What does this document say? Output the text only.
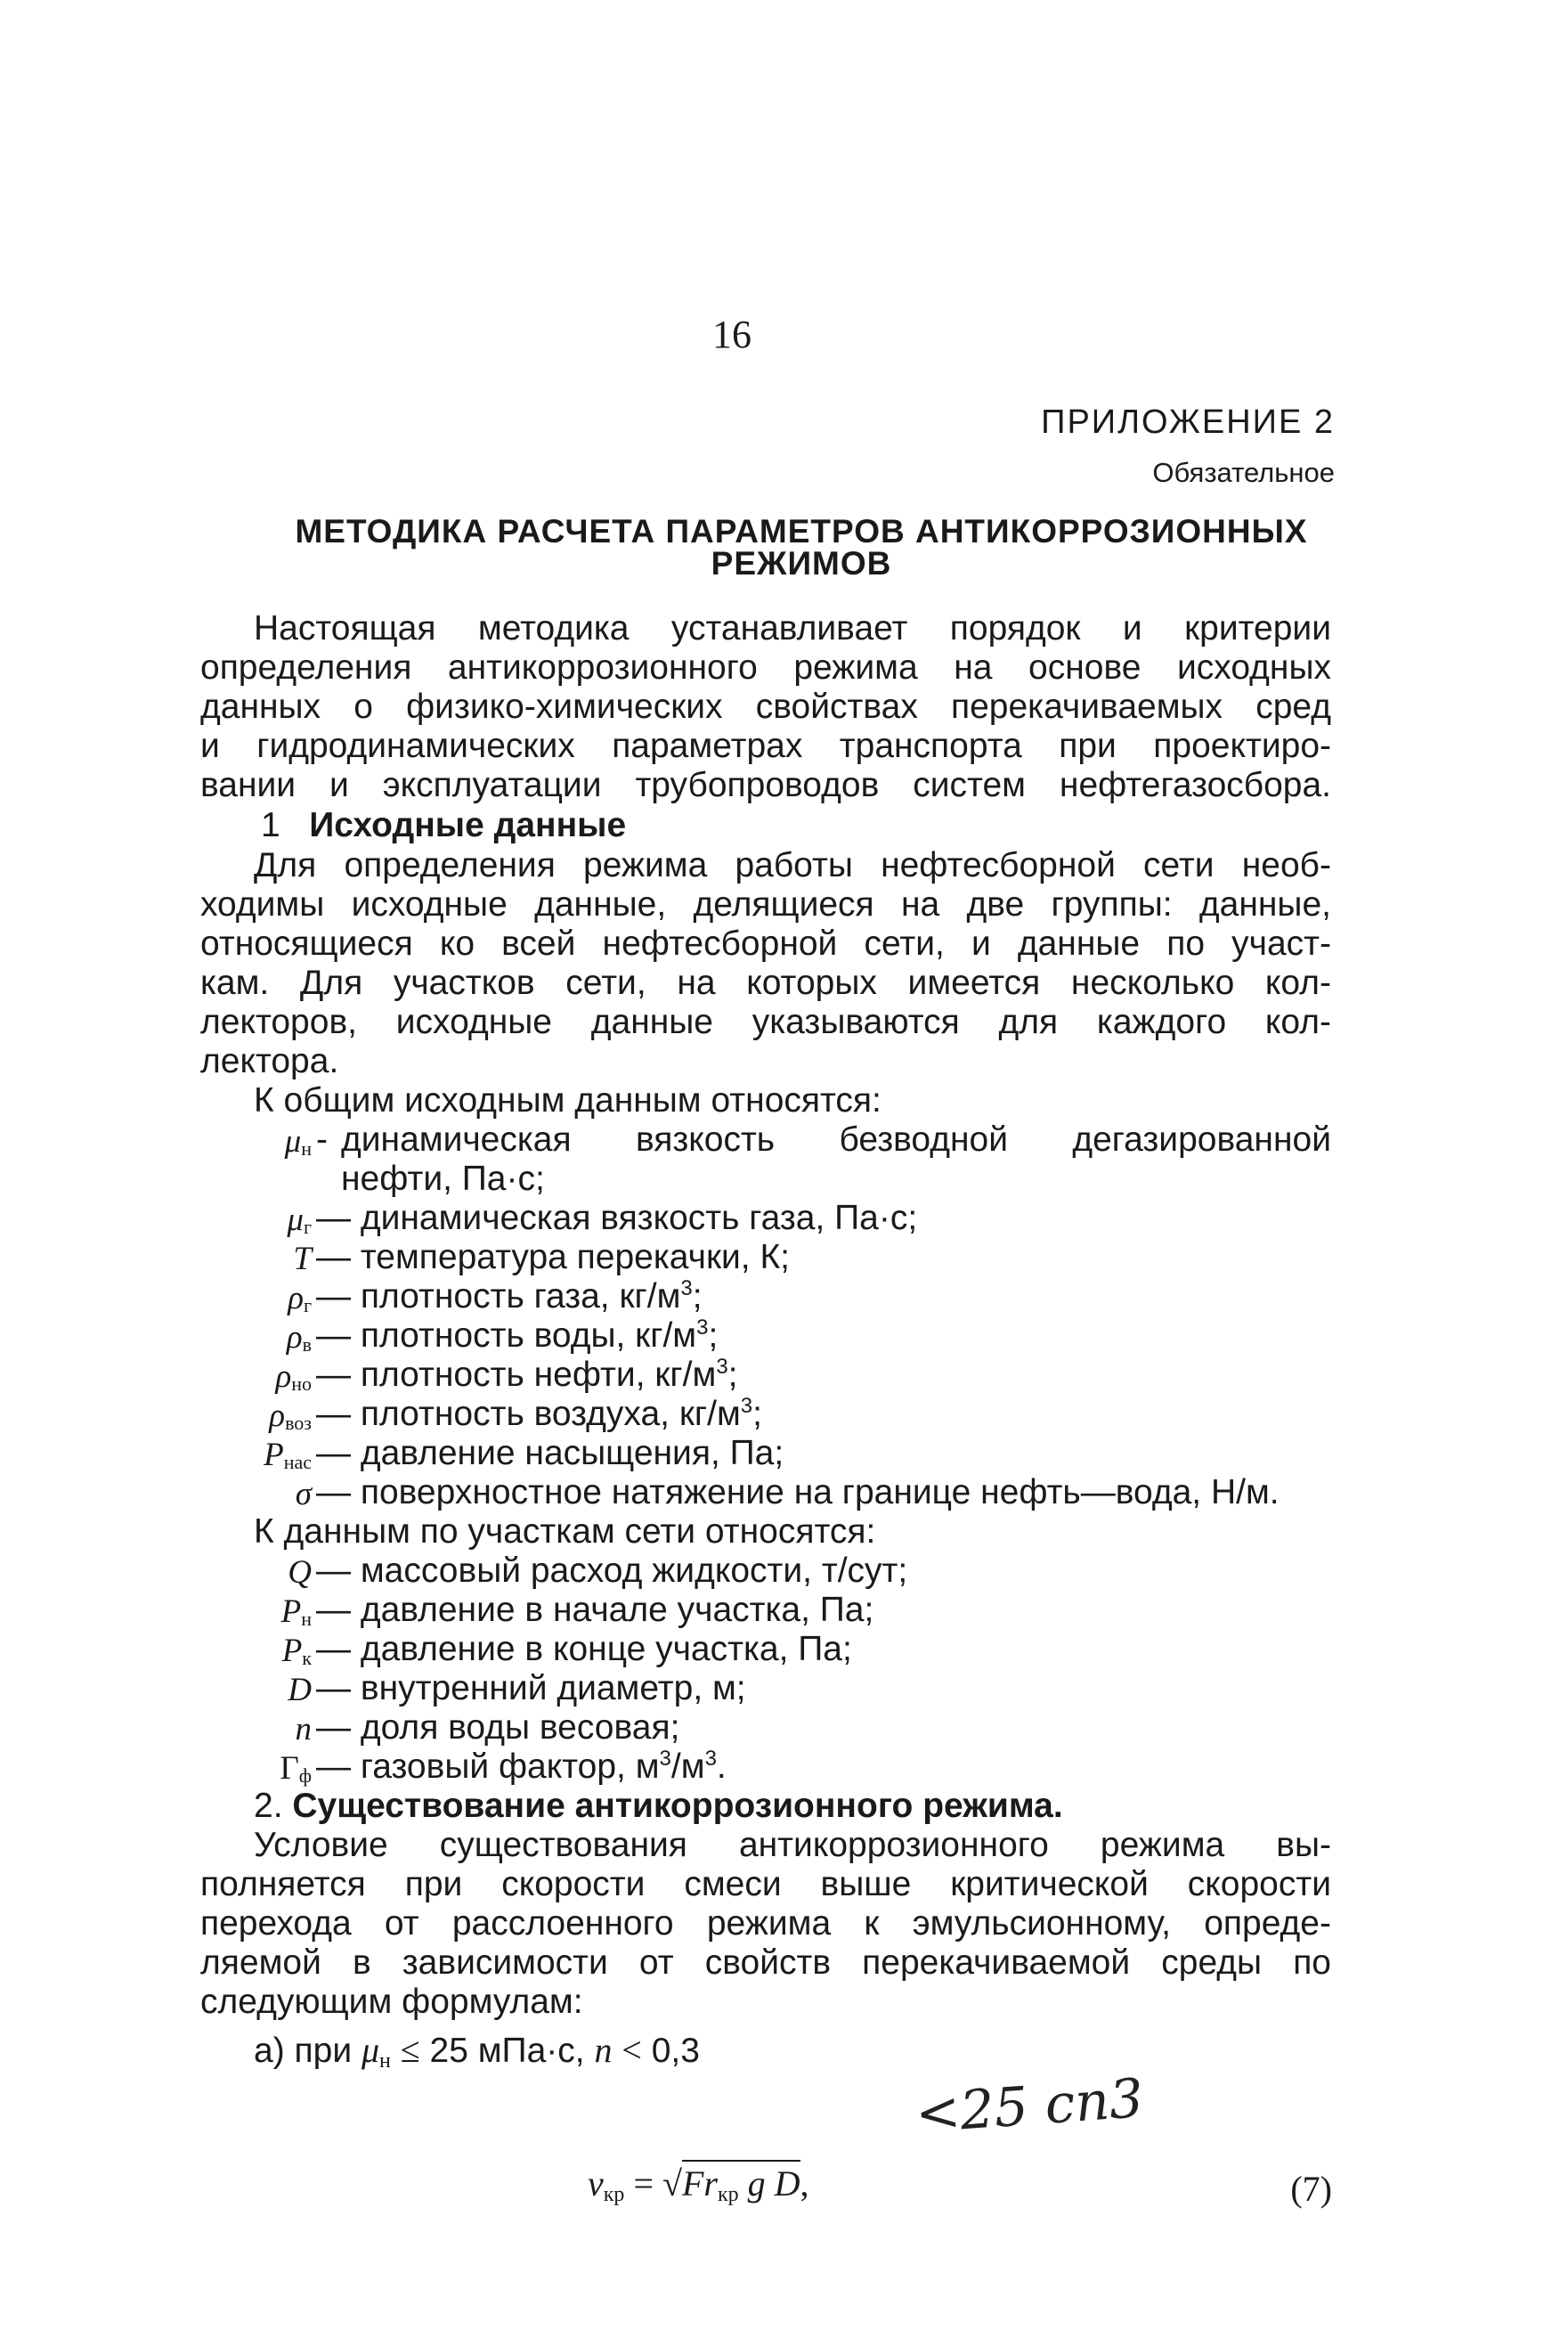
16
ПРИЛОЖЕНИЕ 2
Обязательное
МЕТОДИКА РАСЧЕТА ПАРАМЕТРОВ АНТИКОРРОЗИОННЫХ
РЕЖИМОВ
Настоящая методика устанавливает порядок и критерии
определения антикоррозионного режима на основе исходных
данных о физико-химических свойствах перекачиваемых сред
и гидродинамических параметрах транспорта при проектиро-
вании и эксплуатации трубопроводов систем нефтегазосбора.
1 Исходные данные
Для определения режима работы нефтесборной сети необ-
ходимы исходные данные, делящиеся на две группы: данные,
относящиеся ко всей нефтесборной сети, и данные по участ-
кам. Для участков сети, на которых имеется несколько кол-
лекторов, исходные данные указываются для каждого кол-
лектора.
К общим исходным данным относятся:
$\mu_н$ - динамическая вязкость безводной дегазированной
нефти, Па·с;
$\mu_г$ — динамическая вязкость газа, Па·с;
T — температура перекачки, К;
$\rho_г$ — плотность газа, $кг/м^3$;
$\rho_в$ — плотность воды, $кг/м^3$;
$\rho_{нo}$ — плотность нефти, $кг/м^3$;
$\rho_{воз}$ — плотность воздуха, $кг/м^3$;
$P_{нас}$ — давление насыщения, Па;
σ — поверхностное натяжение на границе нефть—вода, Н/м.
К данным по участкам сети относятся:
Q — массовый расход жидкости, т/сут;
$P_н$ — давление в начале участка, Па;
$P_к$ — давление в конце участка, Па;
D — внутренний диаметр, м;
n — доля воды весовая;
$Г_ф$ — газовый фактор, $м^3/м^3$.
2. Существование антикоррозионного режима.
Условие существования антикоррозионного режима вы-
полняется при скорости смеси выше критической скорости
перехода от расслоенного режима к эмульсионному, опреде-
ляемой в зависимости от свойств перекачиваемой среды по
следующим формулам:
а) при $\mu_н \le 25$ мПа·с, n < 0,3
<25 сп3
$v_{кр} = √Fr_{кр}$ g D,	(7)
